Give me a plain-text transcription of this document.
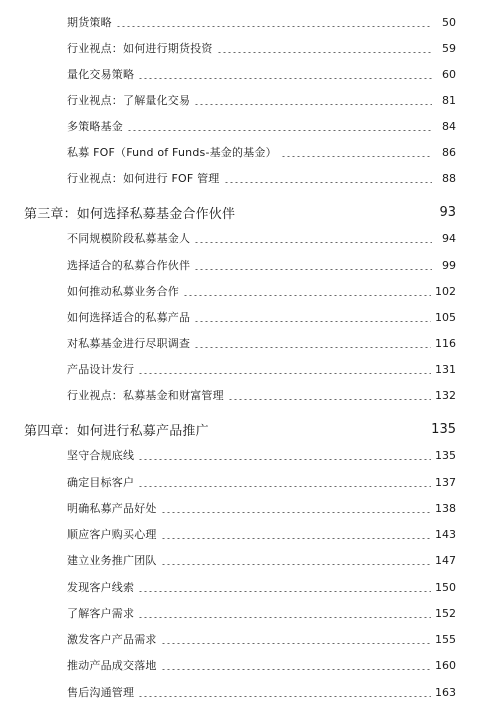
期货策略	50
行业视点：如何进行期货投资	59
量化交易策略	60
行业视点：了解量化交易	81
多策略基金	84
私募 FOF（Fund of Funds-基金的基金）	86
行业视点：如何进行 FOF 管理	88
第三章：如何选择私募基金合作伙伴	93
不同规模阶段私募基金人	94
选择适合的私募合作伙伴	99
如何推动私募业务合作	102
如何选择适合的私募产品	105
对私募基金进行尽职调查	116
产品设计发行	131
行业视点：私募基金和财富管理	132
第四章：如何进行私募产品推广	135
坚守合规底线	135
确定目标客户	137
明确私募产品好处	138
顺应客户购买心理	143
建立业务推广团队	147
发现客户线索	150
了解客户需求	152
激发客户产品需求	155
推动产品成交落地	160
售后沟通管理	163
